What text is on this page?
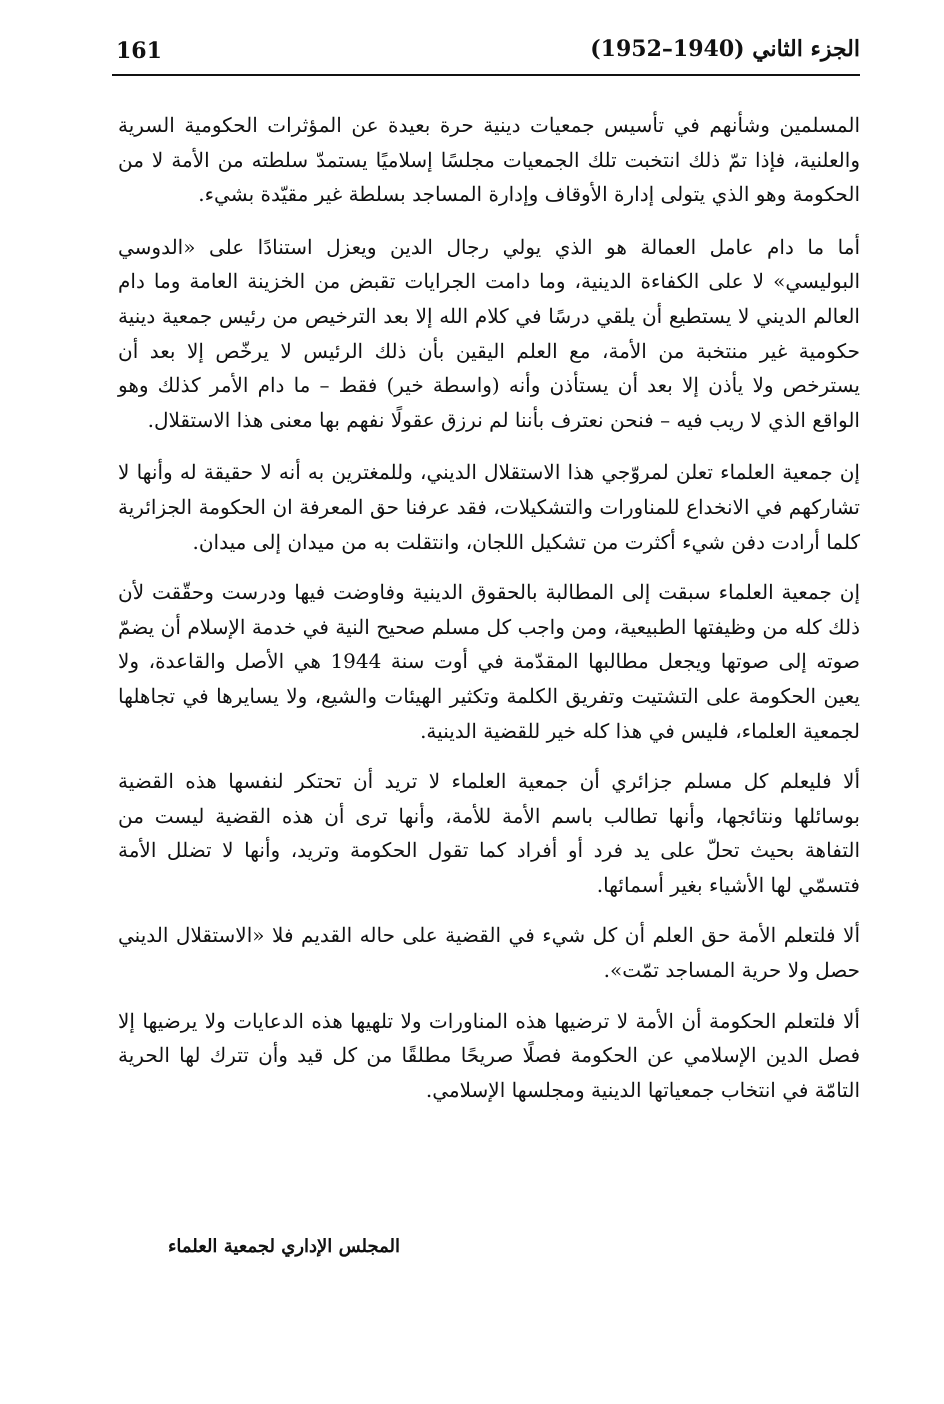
161	الجزء الثاني (1940–1952)

المسلمين وشأنهم في تأسيس جمعيات دينية حرة بعيدة عن المؤثرات الحكومية السرية والعلنية، فإذا تمّ ذلك انتخبت تلك الجمعيات مجلسًا إسلاميًا يستمدّ سلطته من الأمة لا من الحكومة وهو الذي يتولى إدارة الأوقاف وإدارة المساجد بسلطة غير مقيّدة بشيء.

أما ما دام عامل العمالة هو الذي يولي رجال الدين ويعزل استنادًا على «الدوسي البوليسي» لا على الكفاءة الدينية، وما دامت الجرايات تقبض من الخزينة العامة وما دام العالم الديني لا يستطيع أن يلقي درسًا في كلام الله إلا بعد الترخيص من رئيس جمعية دينية حكومية غير منتخبة من الأمة، مع العلم اليقين بأن ذلك الرئيس لا يرخّص إلا بعد أن يسترخص ولا يأذن إلا بعد أن يستأذن وأنه (واسطة خير) فقط – ما دام الأمر كذلك وهو الواقع الذي لا ريب فيه – فنحن نعترف بأننا لم نرزق عقولًا نفهم بها معنى هذا الاستقلال.

إن جمعية العلماء تعلن لمروّجي هذا الاستقلال الديني، وللمغترين به أنه لا حقيقة له وأنها لا تشاركهم في الانخداع للمناورات والتشكيلات، فقد عرفنا حق المعرفة ان الحكومة الجزائرية كلما أرادت دفن شيء أكثرت من تشكيل اللجان، وانتقلت به من ميدان إلى ميدان.

إن جمعية العلماء سبقت إلى المطالبة بالحقوق الدينية وفاوضت فيها ودرست وحقّقت لأن ذلك كله من وظيفتها الطبيعية، ومن واجب كل مسلم صحيح النية في خدمة الإسلام أن يضمّ صوته إلى صوتها ويجعل مطالبها المقدّمة في أوت سنة 1944 هي الأصل والقاعدة، ولا يعين الحكومة على التشتيت وتفريق الكلمة وتكثير الهيئات والشيع، ولا يسايرها في تجاهلها لجمعية العلماء، فليس في هذا كله خير للقضية الدينية.

ألا فليعلم كل مسلم جزائري أن جمعية العلماء لا تريد أن تحتكر لنفسها هذه القضية بوسائلها ونتائجها، وأنها تطالب باسم الأمة للأمة، وأنها ترى أن هذه القضية ليست من التفاهة بحيث تحلّ على يد فرد أو أفراد كما تقول الحكومة وتريد، وأنها لا تضلل الأمة فتسمّي لها الأشياء بغير أسمائها.

ألا فلتعلم الأمة حق العلم أن كل شيء في القضية على حاله القديم فلا «الاستقلال الديني حصل ولا حرية المساجد تمّت».

ألا فلتعلم الحكومة أن الأمة لا ترضيها هذه المناورات ولا تلهيها هذه الدعايات ولا يرضيها إلا فصل الدين الإسلامي عن الحكومة فصلًا صريحًا مطلقًا من كل قيد وأن تترك لها الحرية التامّة في انتخاب جمعياتها الدينية ومجلسها الإسلامي.

المجلس الإداري لجمعية العلماء
